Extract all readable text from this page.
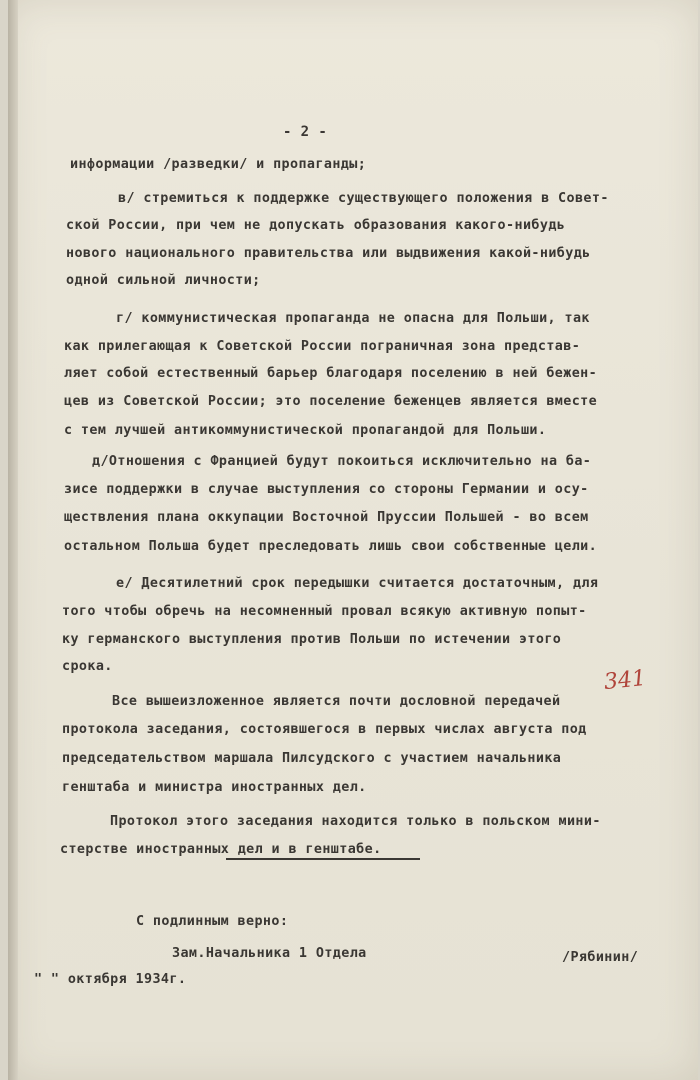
- 2 -
информации /разведки/ и пропаганды;
в/ стремиться к поддержке существующего положения в Совет-
ской России, при чем не допускать образования какого-нибудь
нового национального правительства или выдвижения какой-нибудь
одной сильной личности;
г/ коммунистическая пропаганда не опасна для Польши, так
как прилегающая к Советской России пограничная зона представ-
ляет собой естественный барьер благодаря поселению в ней бежен-
цев из Советской России; это поселение беженцев является вместе
с тем лучшей антикоммунистической пропагандой для Польши.
д/Отношения с Францией будут покоиться исключительно на ба-
зисе поддержки в случае выступления со стороны Германии и осу-
ществления плана оккупации Восточной Пруссии Польшей - во всем
остальном Польша будет преследовать лишь свои собственные цели.
е/ Десятилетний срок передышки считается достаточным, для
того чтобы обречь на несомненный провал всякую активную попыт-
ку германского выступления против Польши по истечении этого
срока.	341
Все вышеизложенное является почти дословной передачей
протокола заседания, состоявшегося в первых числах августа под
председательством маршала Пилсудского с участием начальника
генштаба и министра иностранных дел.
Протокол этого заседания находится только в польском мини-
стерстве иностранных дел и в генштабе.
С подлинным верно:
Зам.Начальника 1 Отдела	/Рябинин/
" " октября 1934г.
